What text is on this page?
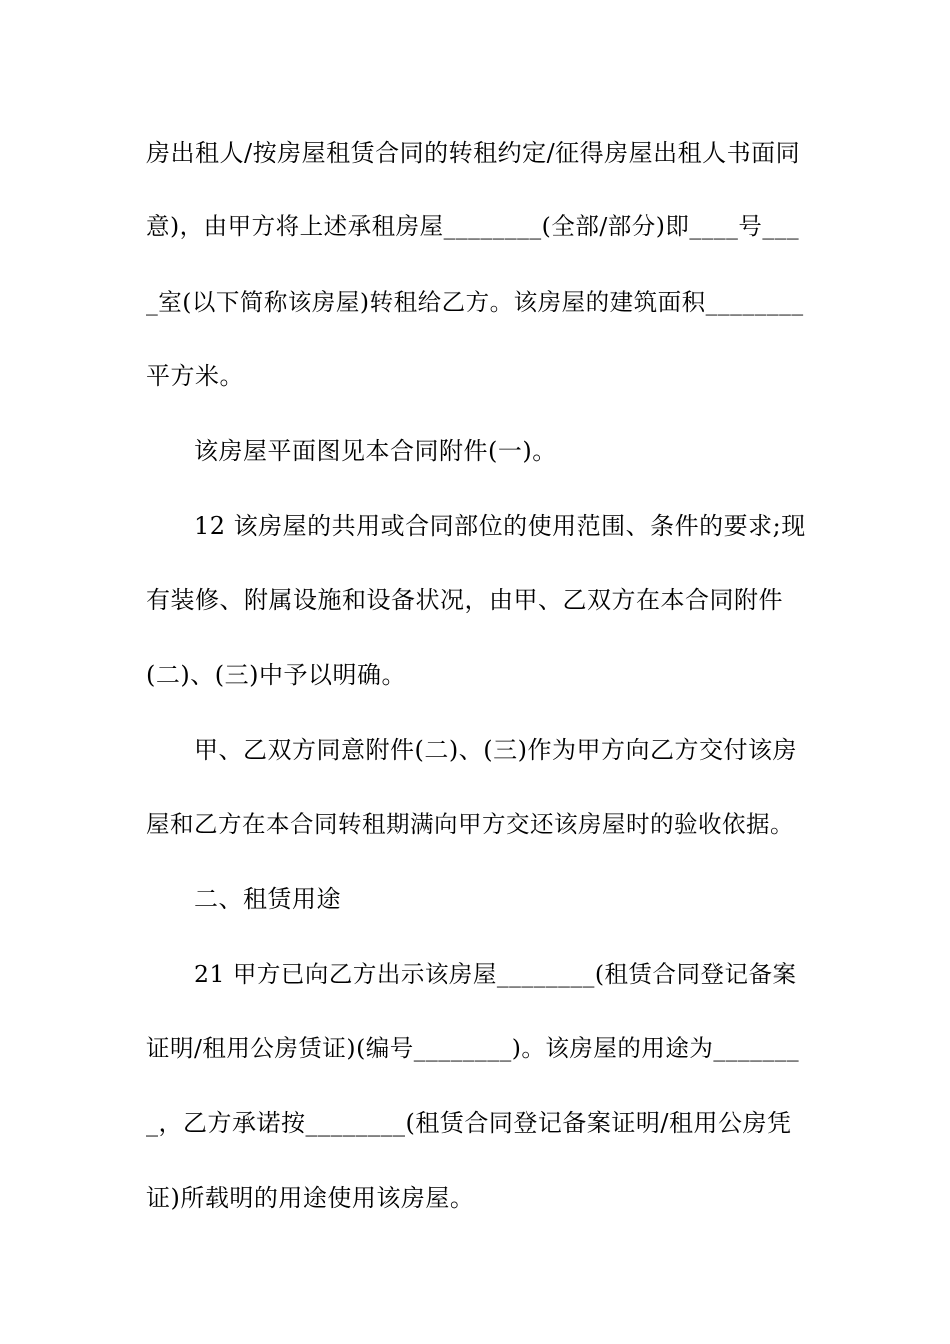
房出租人/按房屋租赁合同的转租约定/征得房屋出租人书面同
意)，由甲方将上述承租房屋________(全部/部分)即____号___
_室(以下简称该房屋)转租给乙方。该房屋的建筑面积________
平方米。
该房屋平面图见本合同附件(一)。
12 该房屋的共用或合同部位的使用范围、条件的要求;现
有装修、附属设施和设备状况，由甲、乙双方在本合同附件
(二)、(三)中予以明确。
甲、乙双方同意附件(二)、(三)作为甲方向乙方交付该房
屋和乙方在本合同转租期满向甲方交还该房屋时的验收依据。
二、租赁用途
21 甲方已向乙方出示该房屋________(租赁合同登记备案
证明/租用公房赁证)(编号________)。该房屋的用途为_______
_，乙方承诺按________(租赁合同登记备案证明/租用公房凭
证)所载明的用途使用该房屋。
